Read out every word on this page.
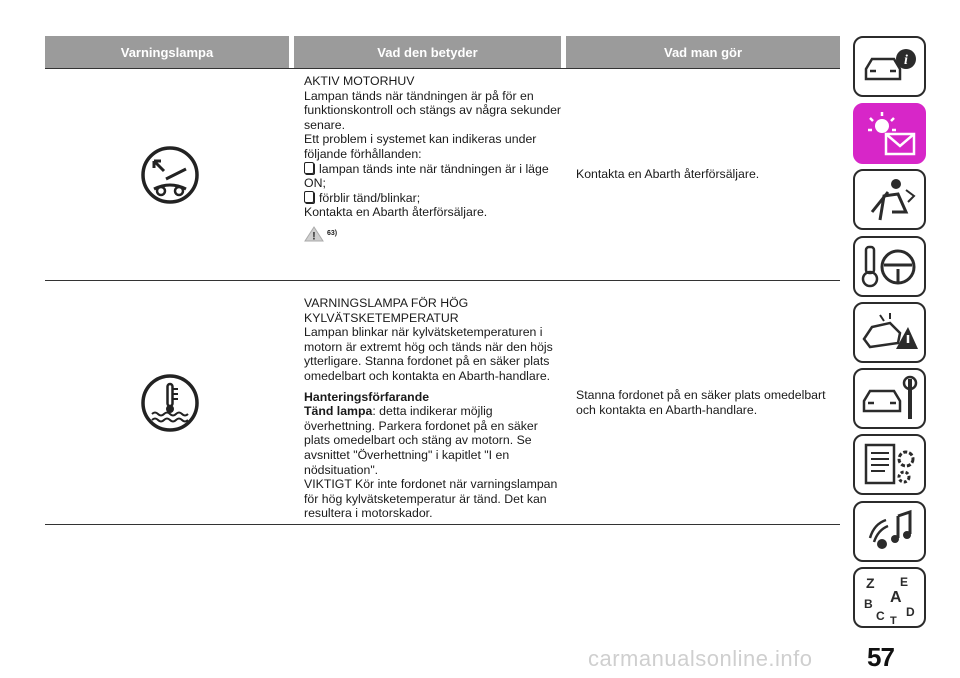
Varningslampa	Vad den betyder	Vad man gör

AKTIV MOTORHUV

Lampan tänds när tändningen är på för en funktionskontroll och stängs av några sekunder senare.

Ett problem i systemet kan indikeras under följande förhållanden:

lampan tänds inte när tändningen är i läge ON;

förblir tänd/blinkar;

Kontakta en Abarth återförsäljare.

! 63)

Kontakta en Abarth återförsäljare.

VARNINGSLAMPA FÖR HÖG KYLVÄTSKETEMPERATUR

Lampan blinkar när kylvätsketemperaturen i motorn är extremt hög och tänds när den höjs ytterligare. Stanna fordonet på en säker plats omedelbart och kontakta en Abarth-handlare.

Hanteringsförfarande

Tänd lampa: detta indikerar möjlig överhettning. Parkera fordonet på en säker plats omedelbart och stäng av motorn. Se avsnittet "Överhettning" i kapitlet "I en nödsituation".

VIKTIGT Kör inte fordonet när varningslampan för hög kylvätsketemperatur är tänd. Det kan resultera i motorskador.

Stanna fordonet på en säker plats omedelbart och kontakta en Abarth-handlare.

i
Z E
A
B
C D
T
57
carmanualsonline.info
